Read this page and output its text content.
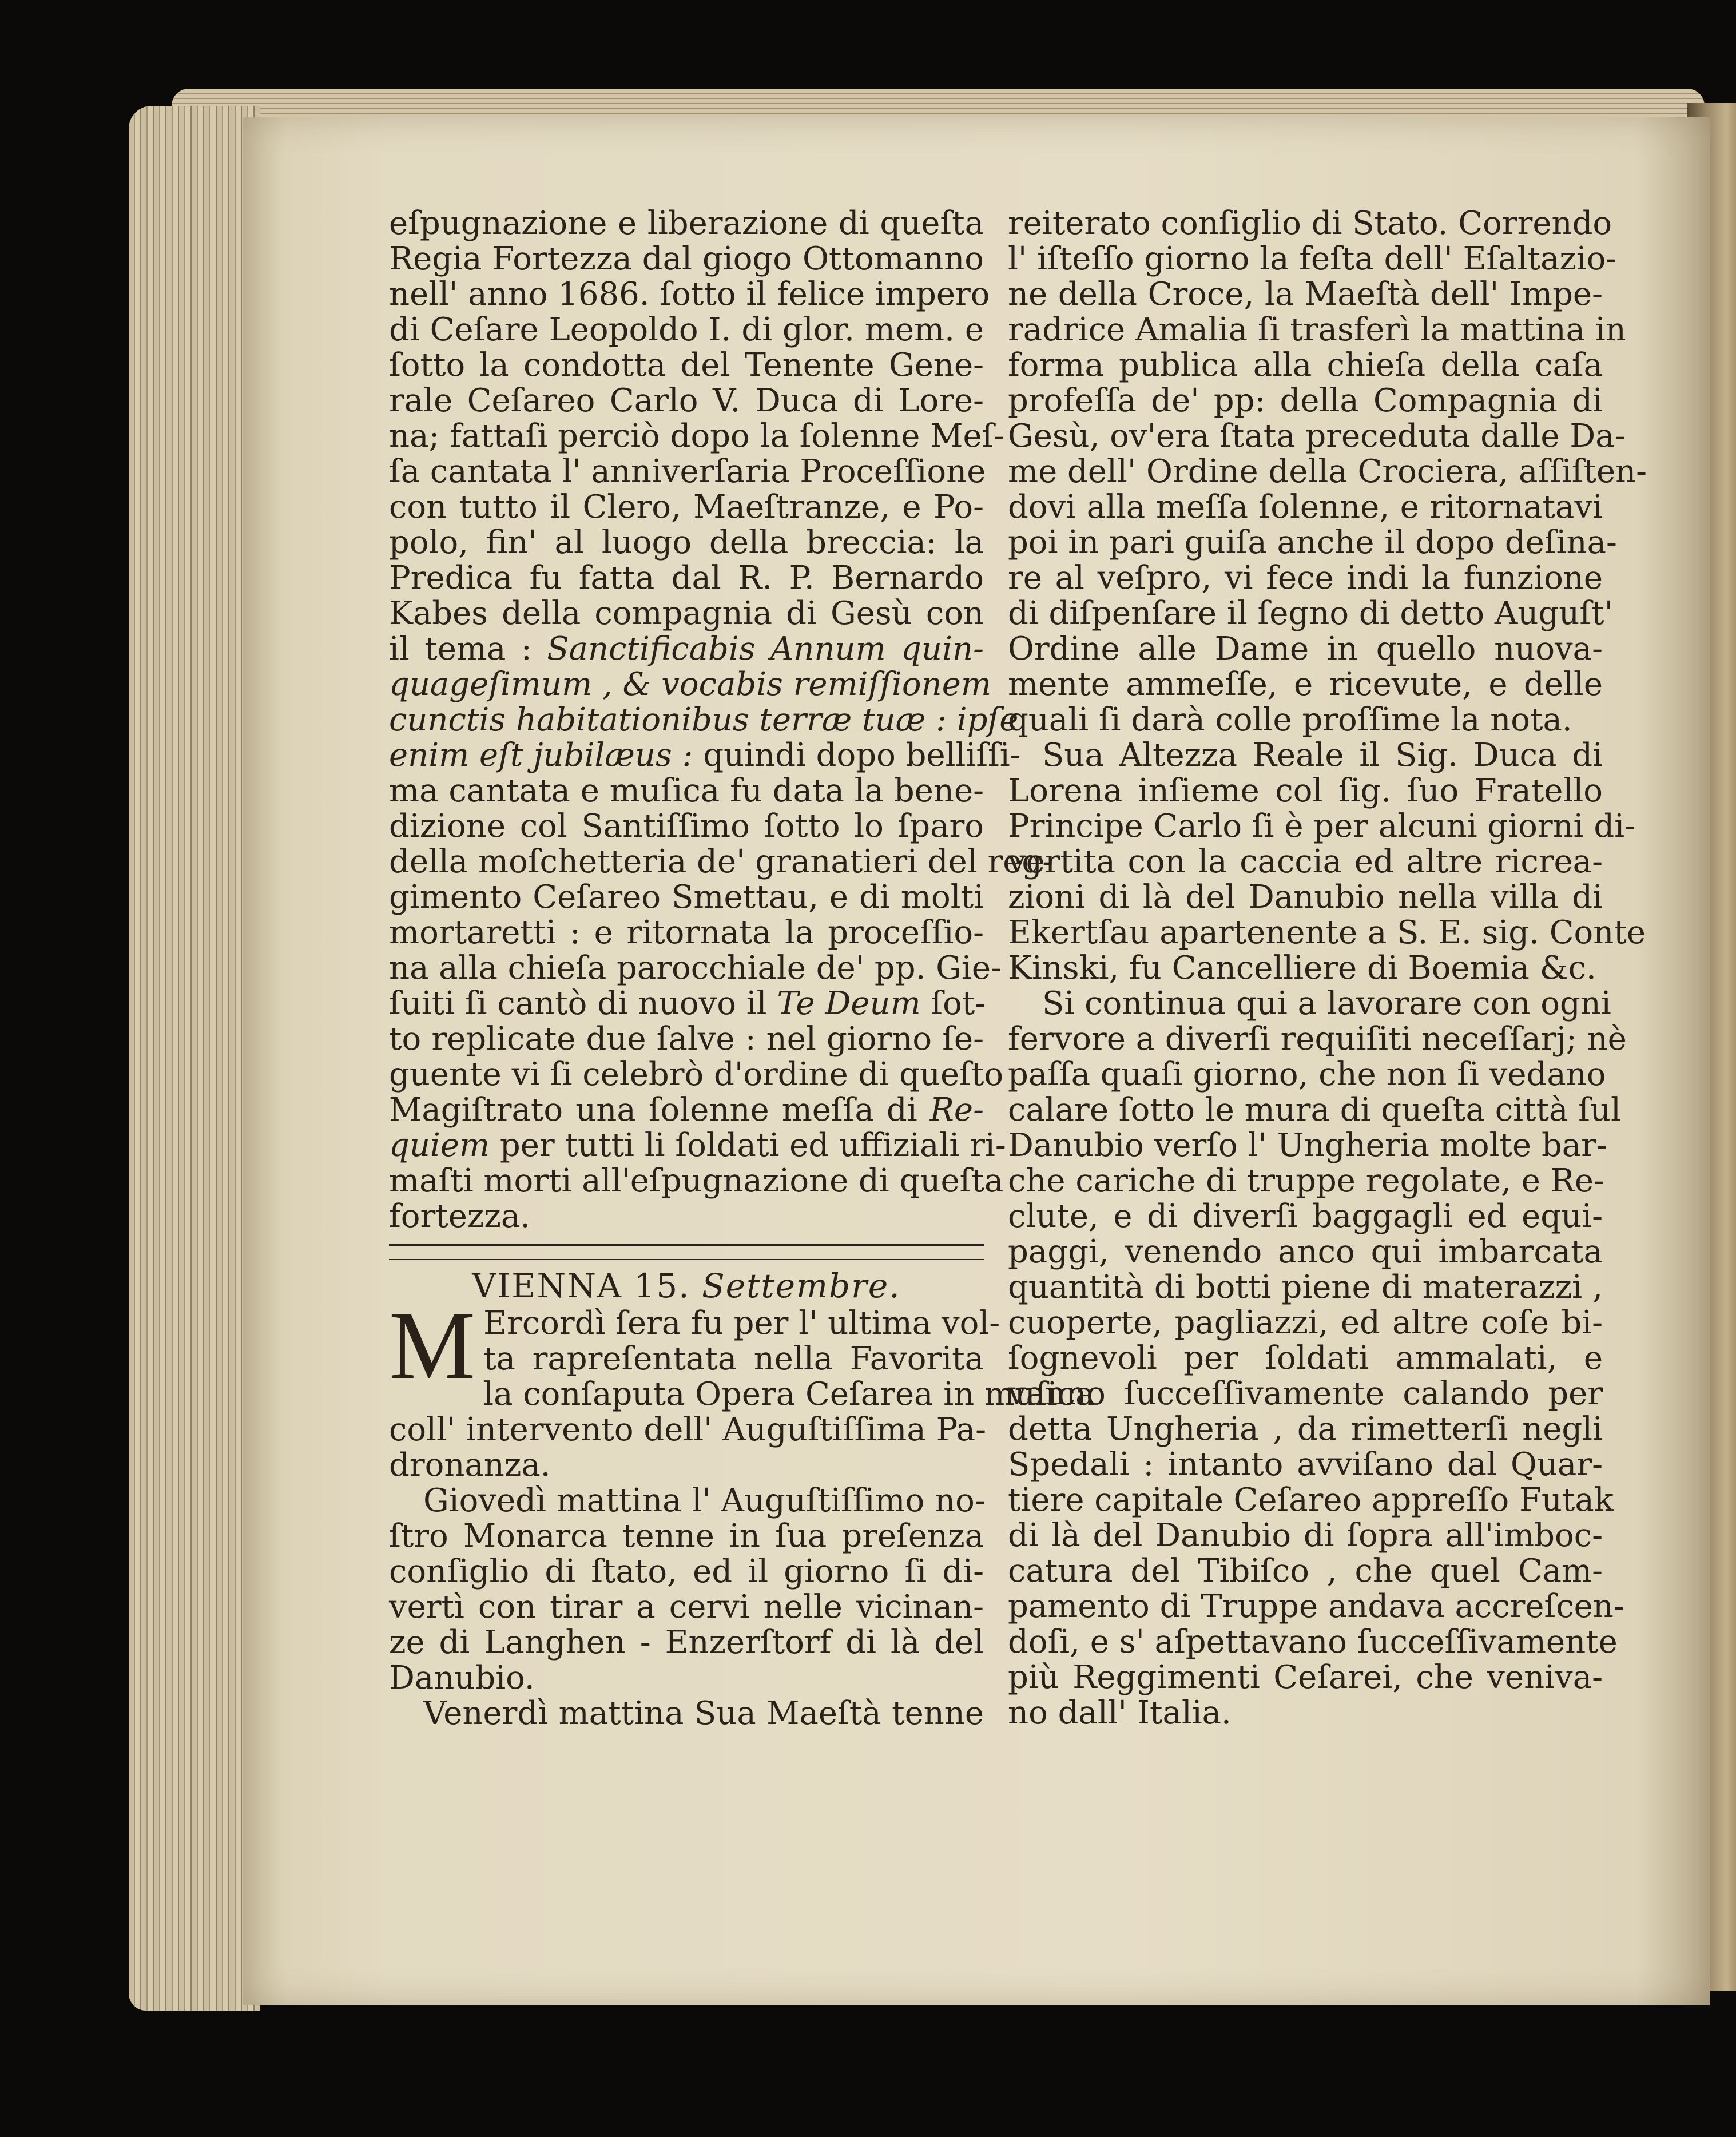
eſpugnazione e liberazione di queſta
Regia Fortezza dal giogo Ottomanno
nell' anno 1686. ſotto il felice impero
di Ceſare Leopoldo I. di glor. mem. e
ſotto la condotta del Tenente Gene-
rale Ceſareo Carlo V. Duca di Lore-
na; fattaſi perciò dopo la ſolenne Meſ-
ſa cantata l' anniverſaria Proceſſione
con tutto il Clero, Maeſtranze, e Po-
polo, fin' al luogo della breccia: la
Predica fu fatta dal R. P. Bernardo
Kabes della compagnia di Gesù con
il tema : Sanctificabis Annum quin-
quageſimum , & vocabis remiſſionem
cunctis habitationibus terræ tuæ : ipſe
enim eſt jubilæus : quindi dopo belliſſi-
ma cantata e muſica fu data la bene-
dizione col Santiſſimo ſotto lo ſparo
della moſchetteria de' granatieri del reg-
gimento Ceſareo Smettau, e di molti
mortaretti : e ritornata la proceſſio-
na alla chieſa parocchiale de' pp. Gie-
ſuiti ſi cantò di nuovo il Te Deum ſot-
to replicate due ſalve : nel giorno ſe-
guente vi ſi celebrò d'ordine di queſto
Magiſtrato una ſolenne meſſa di Re-
quiem per tutti li ſoldati ed uffiziali ri-
maſti morti all'eſpugnazione di queſta
fortezza.
VIENNA 15. Settembre.
M Ercordì ſera fu per l' ultima vol-
ta rapreſentata nella Favorita
la conſaputa Opera Ceſarea in muſica
coll' intervento dell' Auguſtiſſima Pa-
dronanza.
Giovedì mattina l' Auguſtiſſimo no-
ſtro Monarca tenne in ſua preſenza
conſiglio di ſtato, ed il giorno ſi di-
vertì con tirar a cervi nelle vicinan-
ze di Langhen - Enzerſtorf di là del
Danubio.
Venerdì mattina Sua Maeſtà tenne
reiterato conſiglio di Stato. Correndo
l' iſteſſo giorno la feſta dell' Eſaltazio-
ne della Croce, la Maeſtà dell' Impe-
radrice Amalia ſi trasferì la mattina in
forma publica alla chieſa della caſa
profeſſa de' pp: della Compagnia di
Gesù, ov'era ſtata preceduta dalle Da-
me dell' Ordine della Crociera, aſſiſten-
dovi alla meſſa ſolenne, e ritornatavi
poi in pari guiſa anche il dopo deſina-
re al veſpro, vi fece indi la funzione
di diſpenſare il ſegno di detto Auguſt'
Ordine alle Dame in quello nuova-
mente ammeſſe, e ricevute, e delle
quali ſi darà colle proſſime la nota.
Sua Altezza Reale il Sig. Duca di
Lorena inſieme col ſig. ſuo Fratello
Principe Carlo ſi è per alcuni giorni di-
vertita con la caccia ed altre ricrea-
zioni di là del Danubio nella villa di
Ekertſau apartenente a S. E. sig. Conte
Kinski, fu Cancelliere di Boemia &c.
Si continua qui a lavorare con ogni
fervore a diverſi requiſiti neceſſarj; nè
paſſa quaſi giorno, che non ſi vedano
calare ſotto le mura di queſta città ſul
Danubio verſo l' Ungheria molte bar-
che cariche di truppe regolate, e Re-
clute, e di diverſi baggagli ed equi-
paggi, venendo anco qui imbarcata
quantità di botti piene di materazzi ,
cuoperte, pagliazzi, ed altre coſe bi-
ſognevoli per ſoldati ammalati, e
vanno ſucceſſivamente calando per
detta Ungheria , da rimetterſi negli
Spedali : intanto avviſano dal Quar-
tiere capitale Ceſareo appreſſo Futak
di là del Danubio di ſopra all'imboc-
catura del Tibiſco , che quel Cam-
pamento di Truppe andava accreſcen-
doſi, e s' aſpettavano ſucceſſivamente
più Reggimenti Ceſarei, che veniva-
no dall' Italia.
